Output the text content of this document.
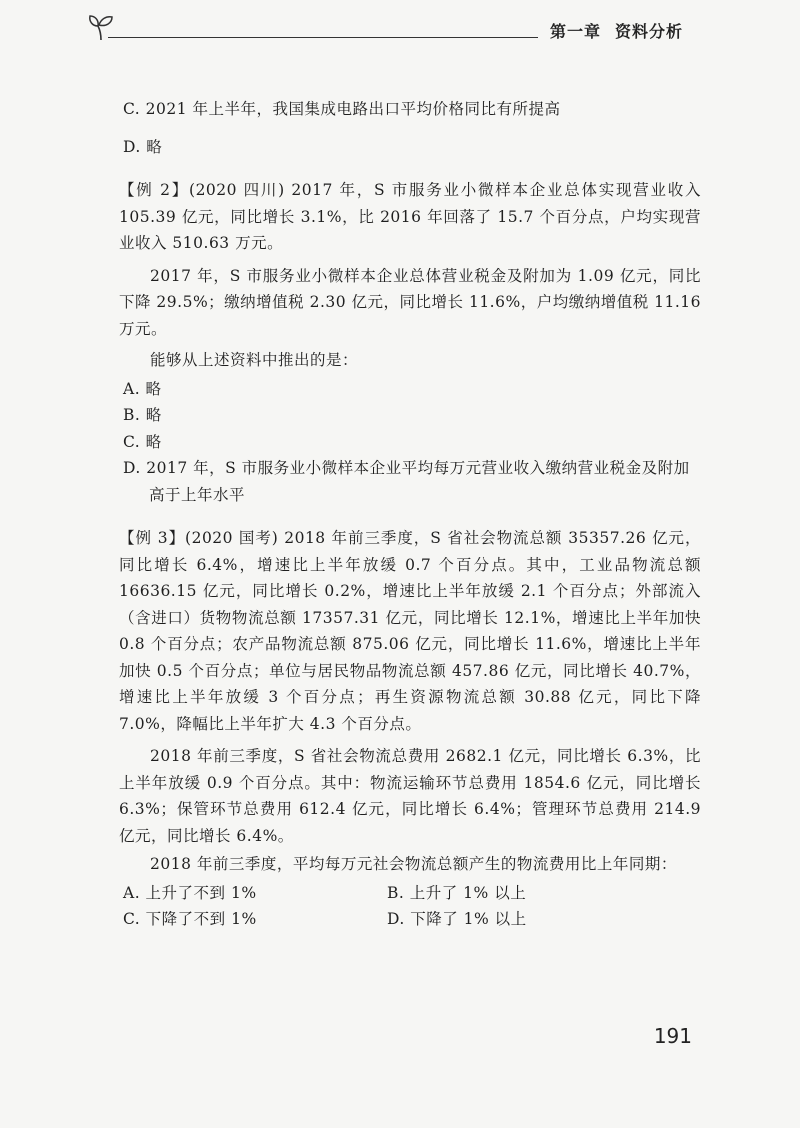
第一章 资料分析

C. 2021 年上半年，我国集成电路出口平均价格同比有所提高

D. 略

【例 2】(2020 四川) 2017 年，S 市服务业小微样本企业总体实现营业收入 105.39 亿元，同比增长 3.1%，比 2016 年回落了 15.7 个百分点，户均实现营业收入 510.63 万元。

2017 年，S 市服务业小微样本企业总体营业税金及附加为 1.09 亿元，同比下降 29.5%；缴纳增值税 2.30 亿元，同比增长 11.6%，户均缴纳增值税 11.16 万元。

能够从上述资料中推出的是：

A. 略

B. 略

C. 略

D. 2017 年，S 市服务业小微样本企业平均每万元营业收入缴纳营业税金及附加
高于上年水平

【例 3】(2020 国考) 2018 年前三季度，S 省社会物流总额 35357.26 亿元，同比增长 6.4%，增速比上半年放缓 0.7 个百分点。其中，工业品物流总额 16636.15 亿元，同比增长 0.2%，增速比上半年放缓 2.1 个百分点；外部流入（含进口）货物物流总额 17357.31 亿元，同比增长 12.1%，增速比上半年加快 0.8 个百分点；农产品物流总额 875.06 亿元，同比增长 11.6%，增速比上半年加快 0.5 个百分点；单位与居民物品物流总额 457.86 亿元，同比增长 40.7%，增速比上半年放缓 3 个百分点；再生资源物流总额 30.88 亿元，同比下降 7.0%，降幅比上半年扩大 4.3 个百分点。

2018 年前三季度，S 省社会物流总费用 2682.1 亿元，同比增长 6.3%，比上半年放缓 0.9 个百分点。其中：物流运输环节总费用 1854.6 亿元，同比增长 6.3%；保管环节总费用 612.4 亿元，同比增长 6.4%；管理环节总费用 214.9 亿元，同比增长 6.4%。

2018 年前三季度，平均每万元社会物流总额产生的物流费用比上年同期：

A. 上升了不到 1%	B. 上升了 1% 以上

C. 下降了不到 1%	D. 下降了 1% 以上

191
